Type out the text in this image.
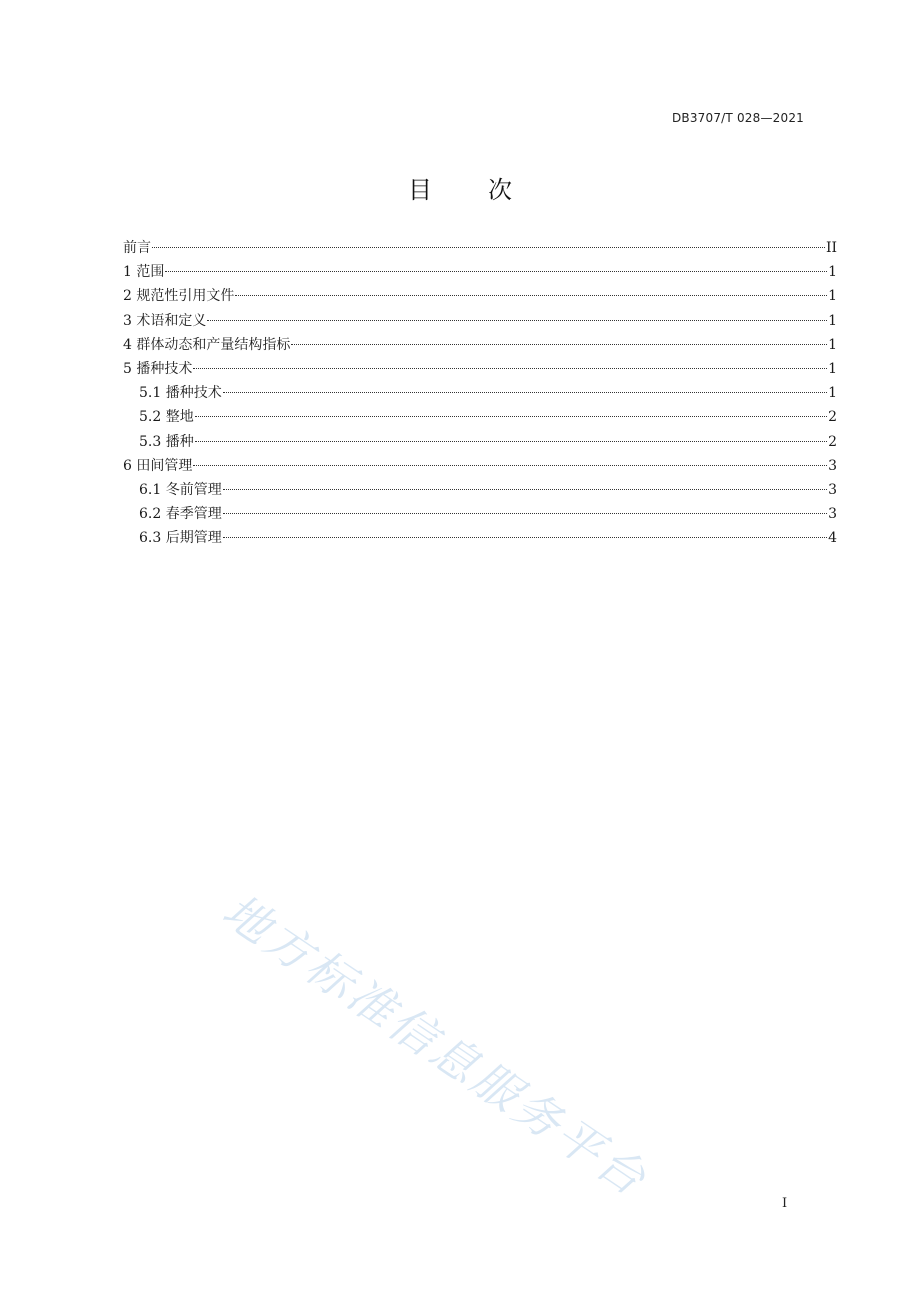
DB3707/T 028—2021
目 次
前言	II
1 范围	1
2 规范性引用文件	1
3 术语和定义	1
4 群体动态和产量结构指标	1
5 播种技术	1
5.1 播种技术	1
5.2 整地	2
5.3 播种	2
6 田间管理	3
6.1 冬前管理	3
6.2 春季管理	3
6.3 后期管理	4
地方标准信息服务平台	I
